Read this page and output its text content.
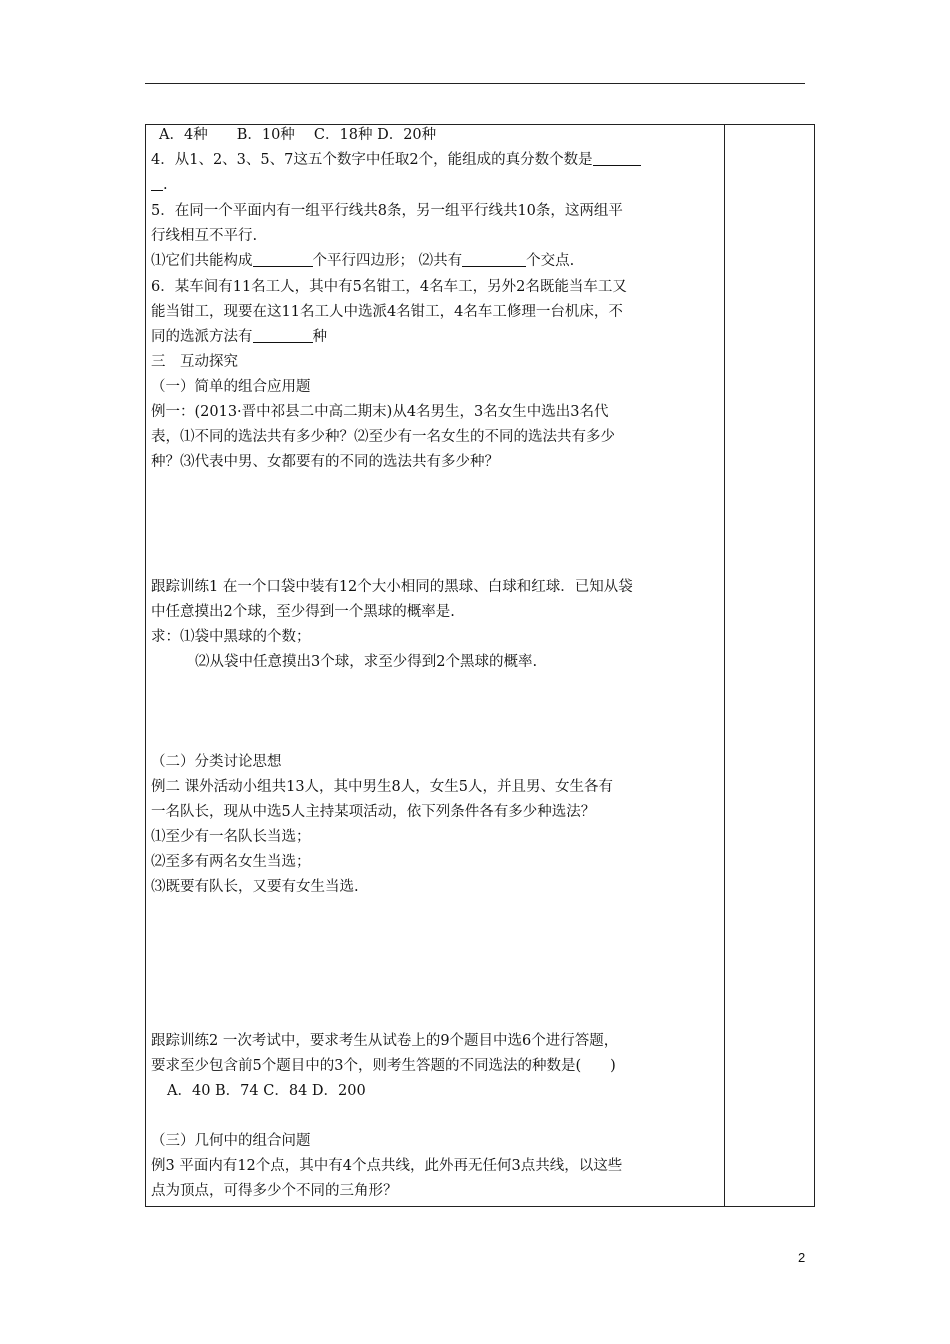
A．4种　　B．10种　 C．18种 D．20种
4．从1、2、3、5、7这五个数字中任取2个，能组成的真分数个数是
.
5．在同一个平面内有一组平行线共8条，另一组平行线共10条，这两组平
行线相互不平行.
⑴它们共能构成	个平行四边形； ⑵共有	个交点.
6．某车间有11名工人，其中有5名钳工，4名车工，另外2名既能当车工又
能当钳工，现要在这11名工人中选派4名钳工，4名车工修理一台机床，不
同的选派方法有	种
三　互动探究
（一）简单的组合应用题
例一：(2013·晋中祁县二中高二期末)从4名男生，3名女生中选出3名代
表，⑴不同的选法共有多少种？⑵至少有一名女生的不同的选法共有多少
种？⑶代表中男、女都要有的不同的选法共有多少种？
跟踪训练1 在一个口袋中装有12个大小相同的黑球、白球和红球．已知从袋
中任意摸出2个球，至少得到一个黑球的概率是.
求：⑴袋中黑球的个数；
⑵从袋中任意摸出3个球，求至少得到2个黑球的概率.
（二）分类讨论思想
例二 课外活动小组共13人，其中男生8人，女生5人，并且男、女生各有
一名队长，现从中选5人主持某项活动，依下列条件各有多少种选法？
⑴至少有一名队长当选；
⑵至多有两名女生当选；
⑶既要有队长，又要有女生当选.
跟踪训练2 一次考试中，要求考生从试卷上的9个题目中选6个进行答题，
要求至少包含前5个题目中的3个，则考生答题的不同选法的种数是(　　)
A．40 B．74 C．84 D．200
（三）几何中的组合问题
例3 平面内有12个点，其中有4个点共线，此外再无任何3点共线，以这些
点为顶点，可得多少个不同的三角形？
2
